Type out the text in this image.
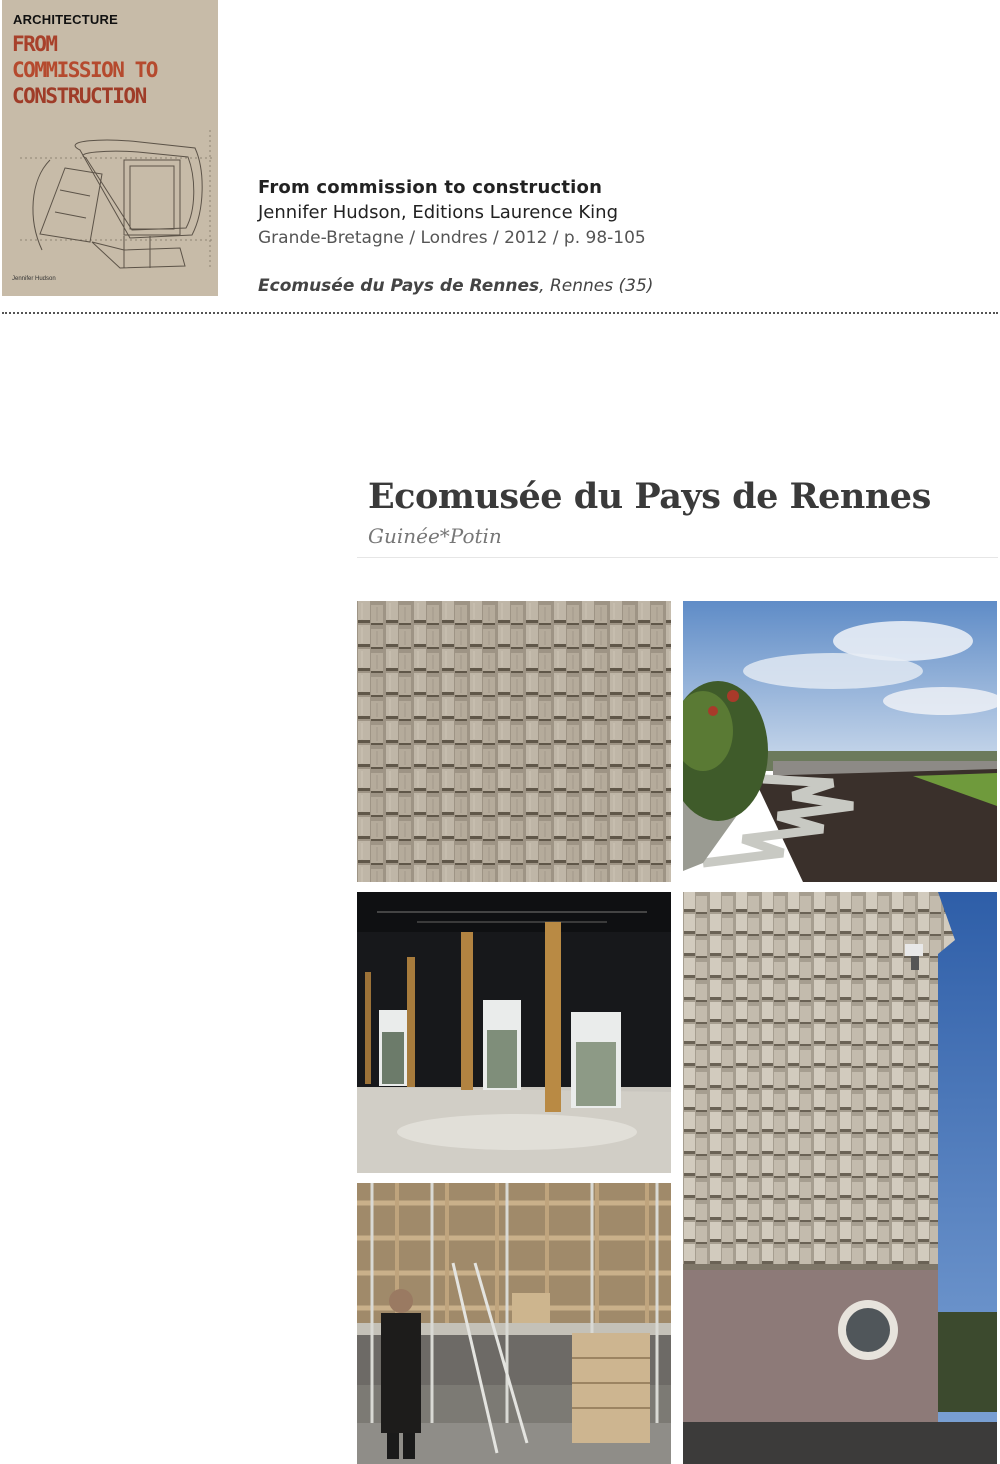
ARCHITECTURE
FROM
COMMISSION TO
CONSTRUCTION
Jennifer Hudson
From commission to construction
Jennifer Hudson, Editions Laurence King
Grande-Bretagne / Londres / 2012 / p. 98-105
Ecomusée du Pays de Rennes, Rennes (35)
Ecomusée du Pays de Rennes
Guinée*Potin
